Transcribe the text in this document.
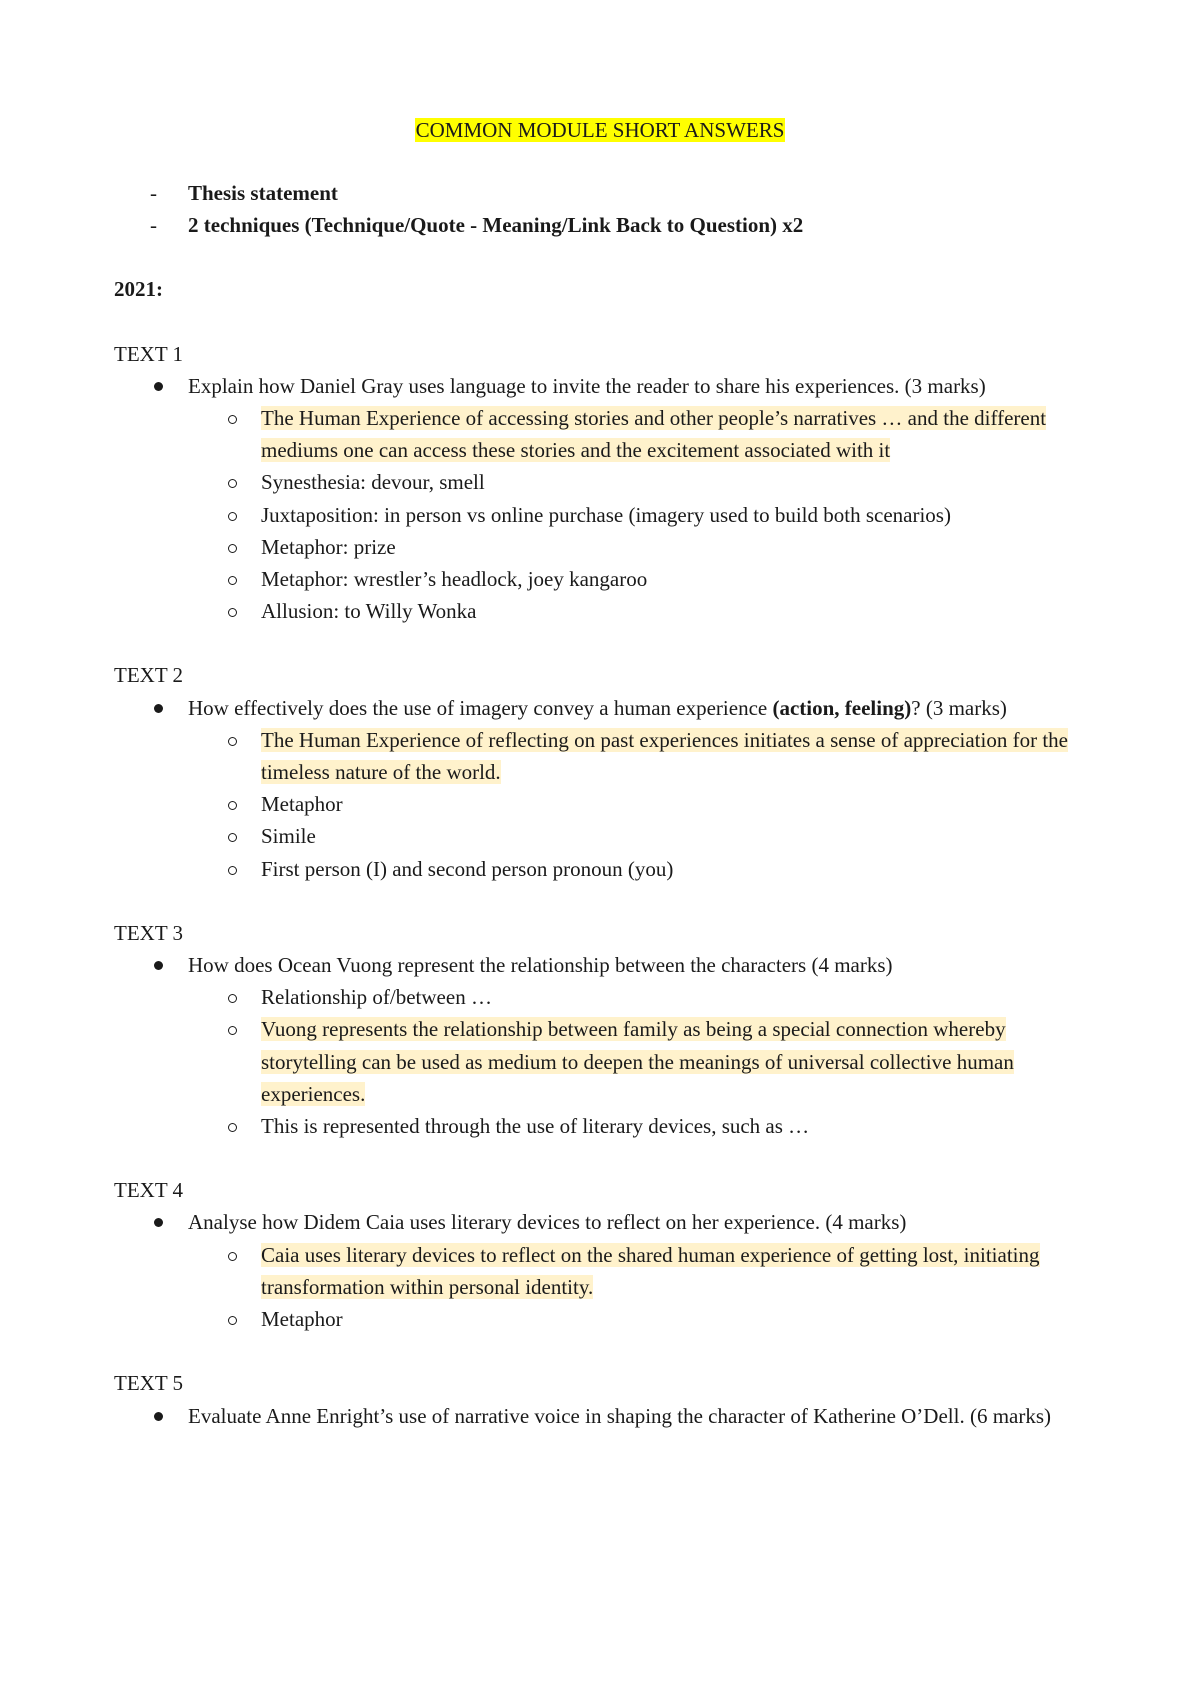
COMMON MODULE SHORT ANSWERS
- Thesis statement
- 2 techniques (Technique/Quote - Meaning/Link Back to Question) x2
2021:
TEXT 1
Explain how Daniel Gray uses language to invite the reader to share his experiences. (3 marks)
The Human Experience of accessing stories and other people’s narratives … and the different mediums one can access these stories and the excitement associated with it
Synesthesia: devour, smell
Juxtaposition: in person vs online purchase (imagery used to build both scenarios)
Metaphor: prize
Metaphor: wrestler’s headlock, joey kangaroo
Allusion: to Willy Wonka
TEXT 2
How effectively does the use of imagery convey a human experience (action, feeling)? (3 marks)
The Human Experience of reflecting on past experiences initiates a sense of appreciation for the timeless nature of the world.
Metaphor
Simile
First person (I) and second person pronoun (you)
TEXT 3
How does Ocean Vuong represent the relationship between the characters (4 marks)
Relationship of/between …
Vuong represents the relationship between family as being a special connection whereby storytelling can be used as medium to deepen the meanings of universal collective human experiences.
This is represented through the use of literary devices, such as …
TEXT 4
Analyse how Didem Caia uses literary devices to reflect on her experience. (4 marks)
Caia uses literary devices to reflect on the shared human experience of getting lost, initiating transformation within personal identity.
Metaphor
TEXT 5
Evaluate Anne Enright’s use of narrative voice in shaping the character of Katherine O’Dell. (6 marks)
